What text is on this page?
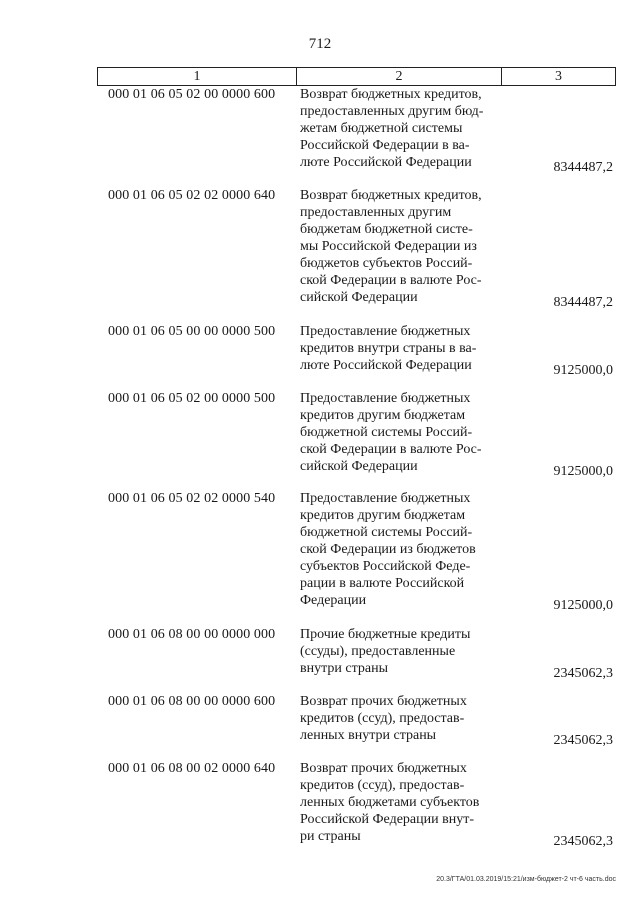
712
1	2	3
000 01 06 05 02 00 0000 600 Возврат бюджетных кредитов,
предоставленных другим бюд-
жетам бюджетной системы
Российской Федерации в ва-
люте Российской Федерации	8344487,2
000 01 06 05 02 02 0000 640 Возврат бюджетных кредитов,
предоставленных другим
бюджетам бюджетной систе-
мы Российской Федерации из
бюджетов субъектов Россий-
ской Федерации в валюте Рос-
сийской Федерации	8344487,2
000 01 06 05 00 00 0000 500 Предоставление бюджетных
кредитов внутри страны в ва-
люте Российской Федерации	9125000,0
000 01 06 05 02 00 0000 500 Предоставление бюджетных
кредитов другим бюджетам
бюджетной системы Россий-
ской Федерации в валюте Рос-
сийской Федерации	9125000,0
000 01 06 05 02 02 0000 540 Предоставление бюджетных
кредитов другим бюджетам
бюджетной системы Россий-
ской Федерации из бюджетов
субъектов Российской Феде-
рации в валюте Российской
Федерации	9125000,0
000 01 06 08 00 00 0000 000 Прочие бюджетные кредиты
(ссуды), предоставленные
внутри страны	2345062,3
000 01 06 08 00 00 0000 600 Возврат прочих бюджетных
кредитов (ссуд), предостав-
ленных внутри страны	2345062,3
000 01 06 08 00 02 0000 640 Возврат прочих бюджетных
кредитов (ссуд), предостав-
ленных бюджетами субъектов
Российской Федерации внут-
ри страны	2345062,3
20.3/ГТА/01.03.2019/15:21/изм-бюджет-2 чт-6 часть.doc
